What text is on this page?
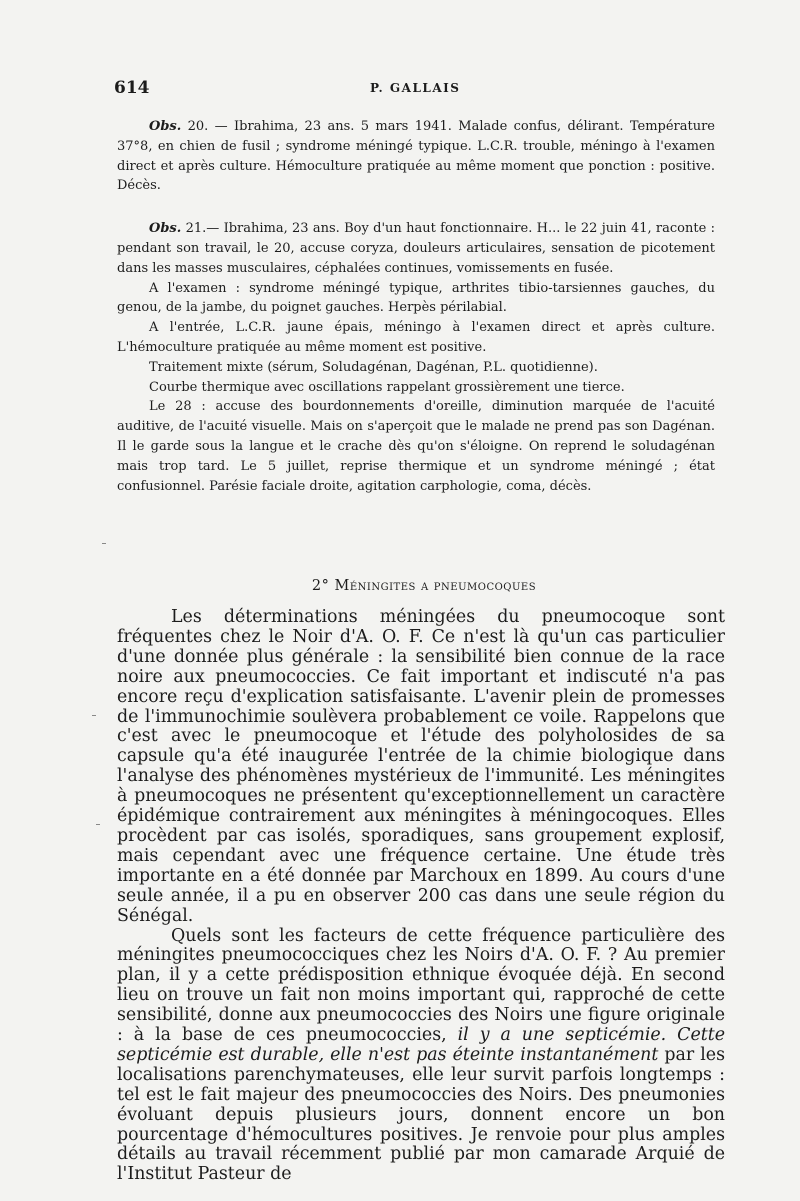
614	P. GALLAIS

Obs. 20. — Ibrahima, 23 ans. 5 mars 1941. Malade confus, délirant. Température 37°8, en chien de fusil ; syndrome méningé typique. L.C.R. trouble, méningo à l'examen direct et après culture. Hémoculture pratiquée au même moment que ponction : positive. Décès.

Obs. 21.— Ibrahima, 23 ans. Boy d'un haut fonctionnaire. H... le 22 juin 41, raconte : pendant son travail, le 20, accuse coryza, douleurs articulaires, sensation de picotement dans les masses musculaires, céphalées continues, vomissements en fusée.

A l'examen : syndrome méningé typique, arthrites tibio-tarsiennes gauches, du genou, de la jambe, du poignet gauches. Herpès périlabial.

A l'entrée, L.C.R. jaune épais, méningo à l'examen direct et après culture. L'hémoculture pratiquée au même moment est positive.

Traitement mixte (sérum, Soludagénan, Dagénan, P.L. quotidienne).

Courbe thermique avec oscillations rappelant grossièrement une tierce.

Le 28 : accuse des bourdonnements d'oreille, diminution marquée de l'acuité auditive, de l'acuité visuelle. Mais on s'aperçoit que le malade ne prend pas son Dagénan. Il le garde sous la langue et le crache dès qu'on s'éloigne. On reprend le soludagénan mais trop tard. Le 5 juillet, reprise thermique et un syndrome méningé ; état confusionnel. Parésie faciale droite, agitation carphologie, coma, décès.

2° Méningites a pneumocoques

Les déterminations méningées du pneumocoque sont fréquentes chez le Noir d'A. O. F. Ce n'est là qu'un cas particulier d'une donnée plus générale : la sensibilité bien connue de la race noire aux pneumococcies. Ce fait important et indiscuté n'a pas encore reçu d'explication satisfaisante. L'avenir plein de promesses de l'immunochimie soulèvera probablement ce voile. Rappelons que c'est avec le pneumocoque et l'étude des polyholosides de sa capsule qu'a été inaugurée l'entrée de la chimie biologique dans l'analyse des phénomènes mystérieux de l'immunité. Les méningites à pneumocoques ne présentent qu'exceptionnellement un caractère épidémique contrairement aux méningites à méningocoques. Elles procèdent par cas isolés, sporadiques, sans groupement explosif, mais cependant avec une fréquence certaine. Une étude très importante en a été donnée par Marchoux en 1899. Au cours d'une seule année, il a pu en observer 200 cas dans une seule région du Sénégal.

Quels sont les facteurs de cette fréquence particulière des méningites pneumococciques chez les Noirs d'A. O. F. ? Au premier plan, il y a cette prédisposition ethnique évoquée déjà. En second lieu on trouve un fait non moins important qui, rapproché de cette sensibilité, donne aux pneumococcies des Noirs une figure originale : à la base de ces pneumococcies, il y a une septicémie. Cette septicémie est durable, elle n'est pas éteinte instantanément par les localisations parenchymateuses, elle leur survit parfois longtemps : tel est le fait majeur des pneumococcies des Noirs. Des pneumonies évoluant depuis plusieurs jours, donnent encore un bon pourcentage d'hémocultures positives. Je renvoie pour plus amples détails au travail récemment publié par mon camarade Arquié de l'Institut Pasteur de
